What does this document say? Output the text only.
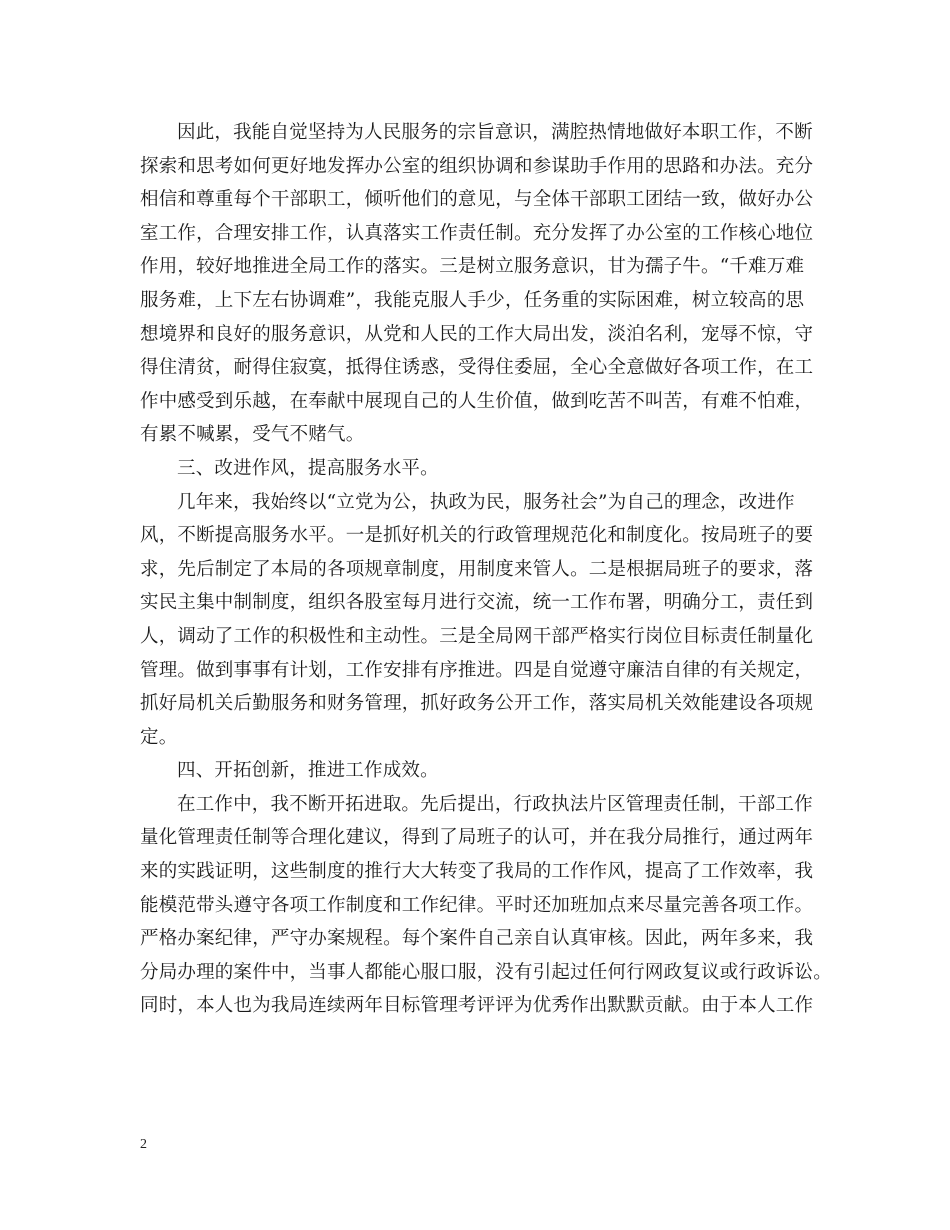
因此，我能自觉坚持为人民服务的宗旨意识，满腔热情地做好本职工作，不断
探索和思考如何更好地发挥办公室的组织协调和参谋助手作用的思路和办法。充分
相信和尊重每个干部职工，倾听他们的意见，与全体干部职工团结一致，做好办公
室工作，合理安排工作，认真落实工作责任制。充分发挥了办公室的工作核心地位
作用，较好地推进全局工作的落实。三是树立服务意识，甘为孺子牛。“千难万难
服务难，上下左右协调难”，我能克服人手少，任务重的实际困难，树立较高的思
想境界和良好的服务意识，从党和人民的工作大局出发，淡泊名利，宠辱不惊，守
得住清贫，耐得住寂寞，抵得住诱惑，受得住委屈，全心全意做好各项工作，在工
作中感受到乐越，在奉献中展现自己的人生价值，做到吃苦不叫苦，有难不怕难，
有累不喊累，受气不赌气。
三、改进作风，提高服务水平。
几年来，我始终以“立党为公，执政为民，服务社会”为自己的理念，改进作
风，不断提高服务水平。一是抓好机关的行政管理规范化和制度化。按局班子的要
求，先后制定了本局的各项规章制度，用制度来管人。二是根据局班子的要求，落
实民主集中制制度，组织各股室每月进行交流，统一工作布署，明确分工，责任到
人，调动了工作的积极性和主动性。三是全局网干部严格实行岗位目标责任制量化
管理。做到事事有计划，工作安排有序推进。四是自觉遵守廉洁自律的有关规定，
抓好局机关后勤服务和财务管理，抓好政务公开工作，落实局机关效能建设各项规
定。
四、开拓创新，推进工作成效。
在工作中，我不断开拓进取。先后提出，行政执法片区管理责任制，干部工作
量化管理责任制等合理化建议，得到了局班子的认可，并在我分局推行，通过两年
来的实践证明，这些制度的推行大大转变了我局的工作作风，提高了工作效率，我
能模范带头遵守各项工作制度和工作纪律。平时还加班加点来尽量完善各项工作。
严格办案纪律，严守办案规程。每个案件自己亲自认真审核。因此，两年多来，我
分局办理的案件中，当事人都能心服口服，没有引起过任何行网政复议或行政诉讼。
同时，本人也为我局连续两年目标管理考评评为优秀作出默默贡献。由于本人工作
2
